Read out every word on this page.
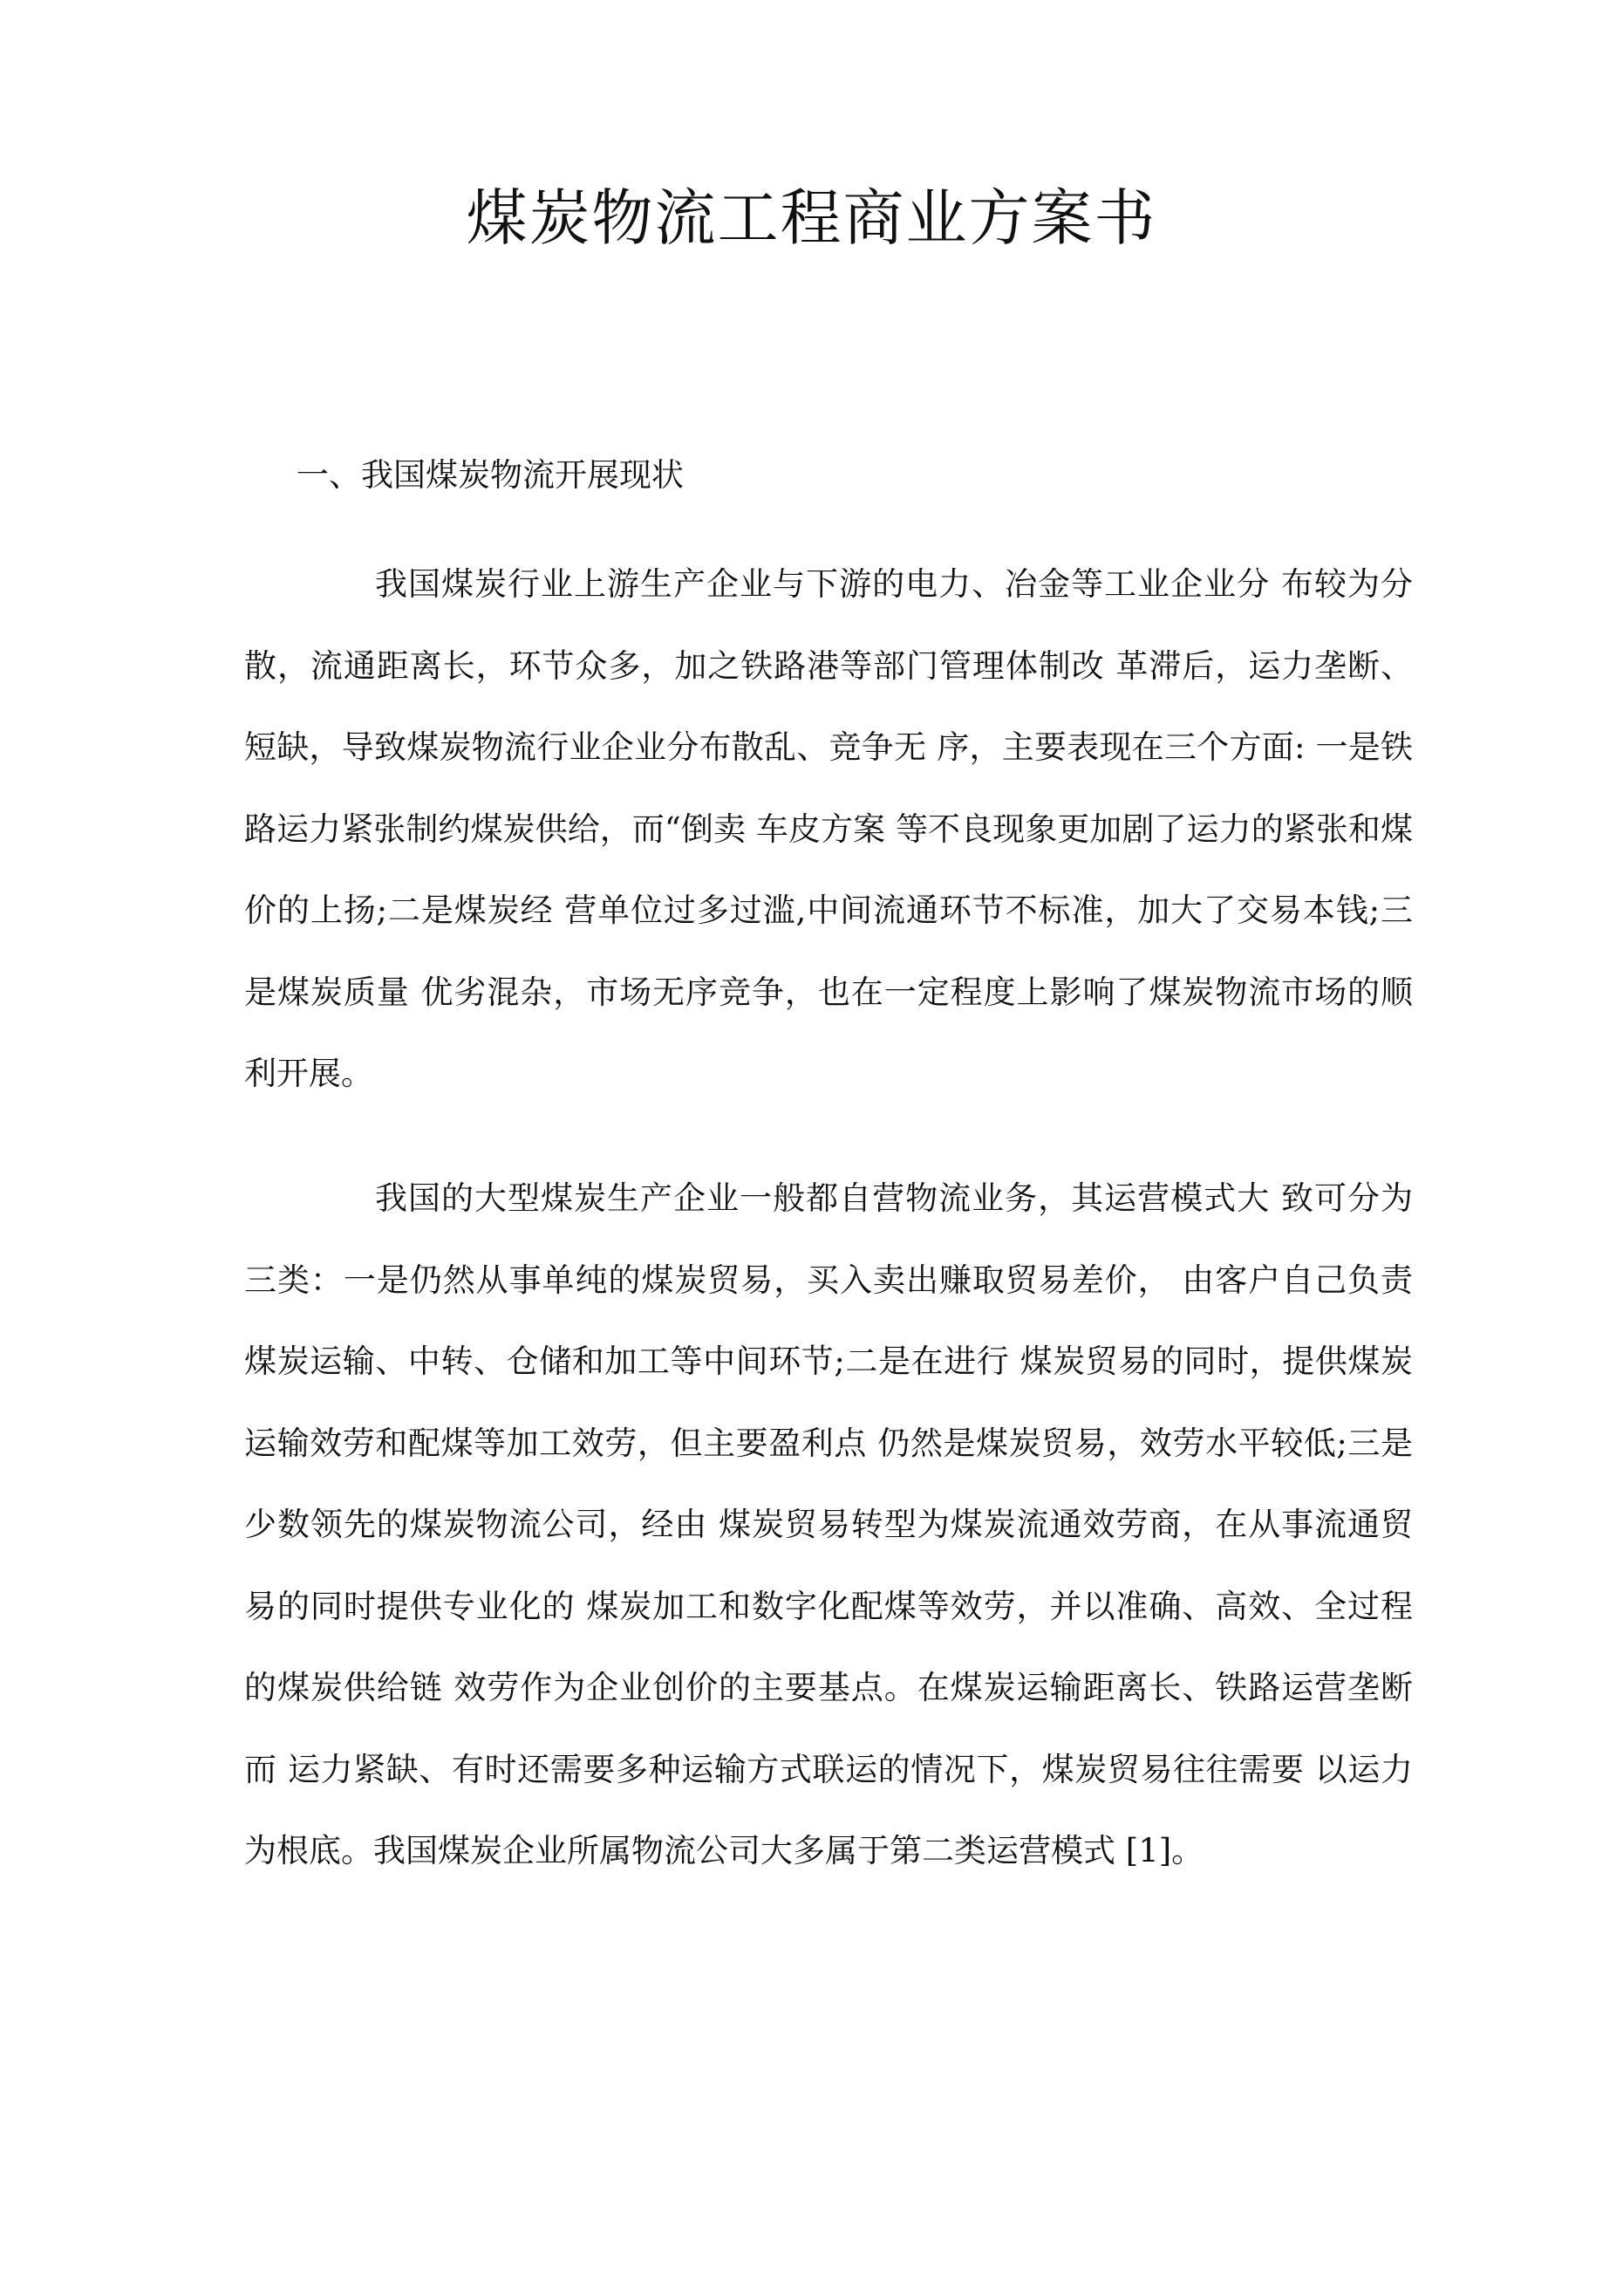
煤炭物流工程商业方案书
一、我国煤炭物流开展现状

我国煤炭行业上游生产企业与下游的电力、冶金等工业企业分 布较为分散，流通距离长，环节众多，加之铁路港等部门管理体制改 革滞后，运力垄断、短缺，导致煤炭物流行业企业分布散乱、竞争无 序，主要表现在三个方面: 一是铁路运力紧张制约煤炭供给，而“倒卖 车皮方案 等不良现象更加剧了运力的紧张和煤价的上扬;二是煤炭经 营单位过多过滥,中间流通环节不标准，加大了交易本钱;三是煤炭质量 优劣混杂，市场无序竞争，也在一定程度上影响了煤炭物流市场的顺 利开展。

我国的大型煤炭生产企业一般都自营物流业务，其运营模式大 致可分为三类：一是仍然从事单纯的煤炭贸易，买入卖出赚取贸易差价， 由客户自己负责煤炭运输、中转、仓储和加工等中间环节;二是在进行 煤炭贸易的同时，提供煤炭运输效劳和配煤等加工效劳，但主要盈利点 仍然是煤炭贸易，效劳水平较低;三是少数领先的煤炭物流公司，经由 煤炭贸易转型为煤炭流通效劳商，在从事流通贸易的同时提供专业化的 煤炭加工和数字化配煤等效劳，并以准确、高效、全过程的煤炭供给链 效劳作为企业创价的主要基点。在煤炭运输距离长、铁路运营垄断而 运力紧缺、有时还需要多种运输方式联运的情况下，煤炭贸易往往需要 以运力为根底。我国煤炭企业所属物流公司大多属于第二类运营模式 [1]。
